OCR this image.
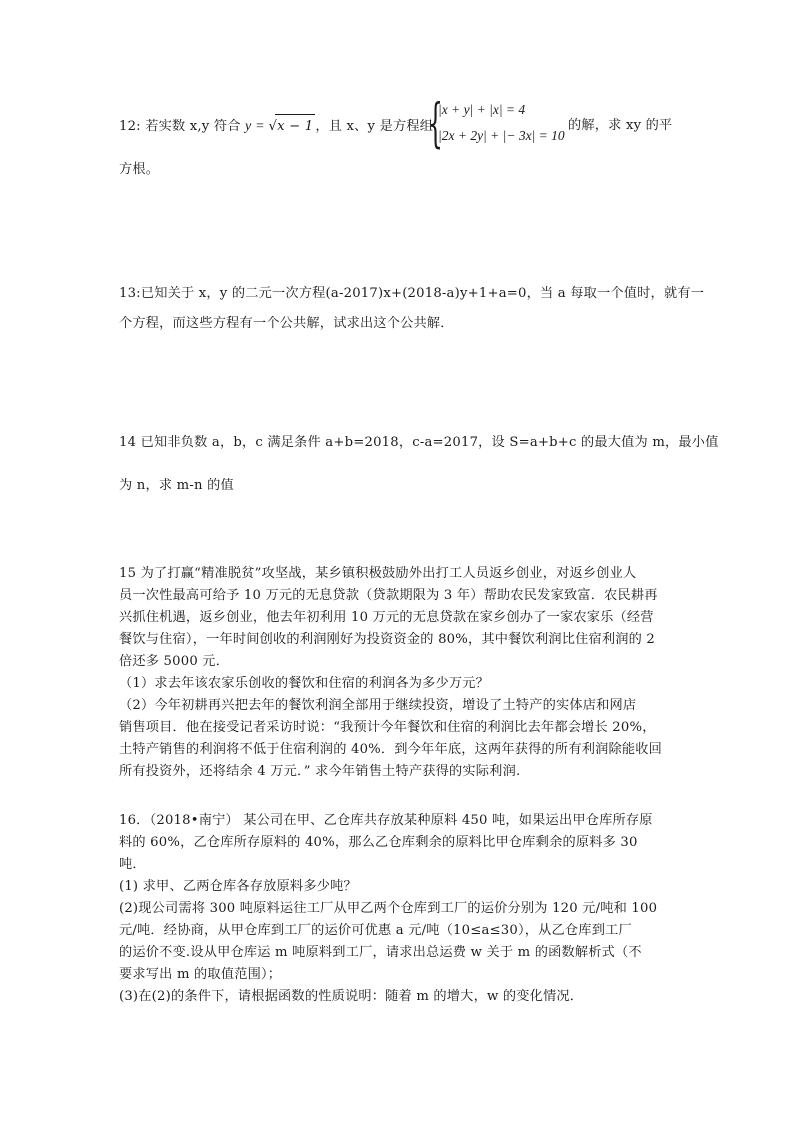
12: 若实数 x,y 符合 y = √x − 1 ，且 x、y 是方程组
{
|x + y| + |x| = 4
|2x + 2y| + |− 3x| = 10
的解，求 xy 的平
方根。
13:已知关于 x，y 的二元一次方程(a-2017)x+(2018-a)y+1+a=0，当 a 每取一个值时，就有一
个方程，而这些方程有一个公共解，试求出这个公共解．
14 已知非负数 a，b，c 满足条件 a+b=2018，c-a=2017，设 S=a+b+c 的最大值为 m，最小值
为 n，求 m-n 的值
15 为了打赢“精准脱贫”攻坚战，某乡镇积极鼓励外出打工人员返乡创业，对返乡创业人
员一次性最高可给予 10 万元的无息贷款（贷款期限为 3 年）帮助农民发家致富．农民耕再
兴抓住机遇，返乡创业，他去年初利用 10 万元的无息贷款在家乡创办了一家农家乐（经营
餐饮与住宿），一年时间创收的利润刚好为投资资金的 80%，其中餐饮利润比住宿利润的 2
倍还多 5000 元．
（1）求去年该农家乐创收的餐饮和住宿的利润各为多少万元？
（2）今年初耕再兴把去年的餐饮利润全部用于继续投资，增设了土特产的实体店和网店
销售项目．他在接受记者采访时说：“我预计今年餐饮和住宿的利润比去年都会增长 20%，
土特产销售的利润将不低于住宿利润的 40%．到今年年底，这两年获得的所有利润除能收回
所有投资外，还将结余 4 万元．” 求今年销售土特产获得的实际利润.
16．（2018•南宁） 某公司在甲、乙仓库共存放某种原料 450 吨，如果运出甲仓库所存原
料的 60%，乙仓库所存原料的 40%，那么乙仓库剩余的原料比甲仓库剩余的原料多 30
吨．
(1) 求甲、乙两仓库各存放原料多少吨？
(2)现公司需将 300 吨原料运往工厂从甲乙两个仓库到工厂的运价分别为 120 元/吨和 100
元/吨．经协商，从甲仓库到工厂的运价可优惠 a 元/吨（10≤a≤30），从乙仓库到工厂
的运价不变.设从甲仓库运 m 吨原料到工厂，请求出总运费 w 关于 m 的函数解析式（不
要求写出 m 的取值范围）；
(3)在(2)的条件下，请根据函数的性质说明：随着 m 的增大，w 的变化情况．
